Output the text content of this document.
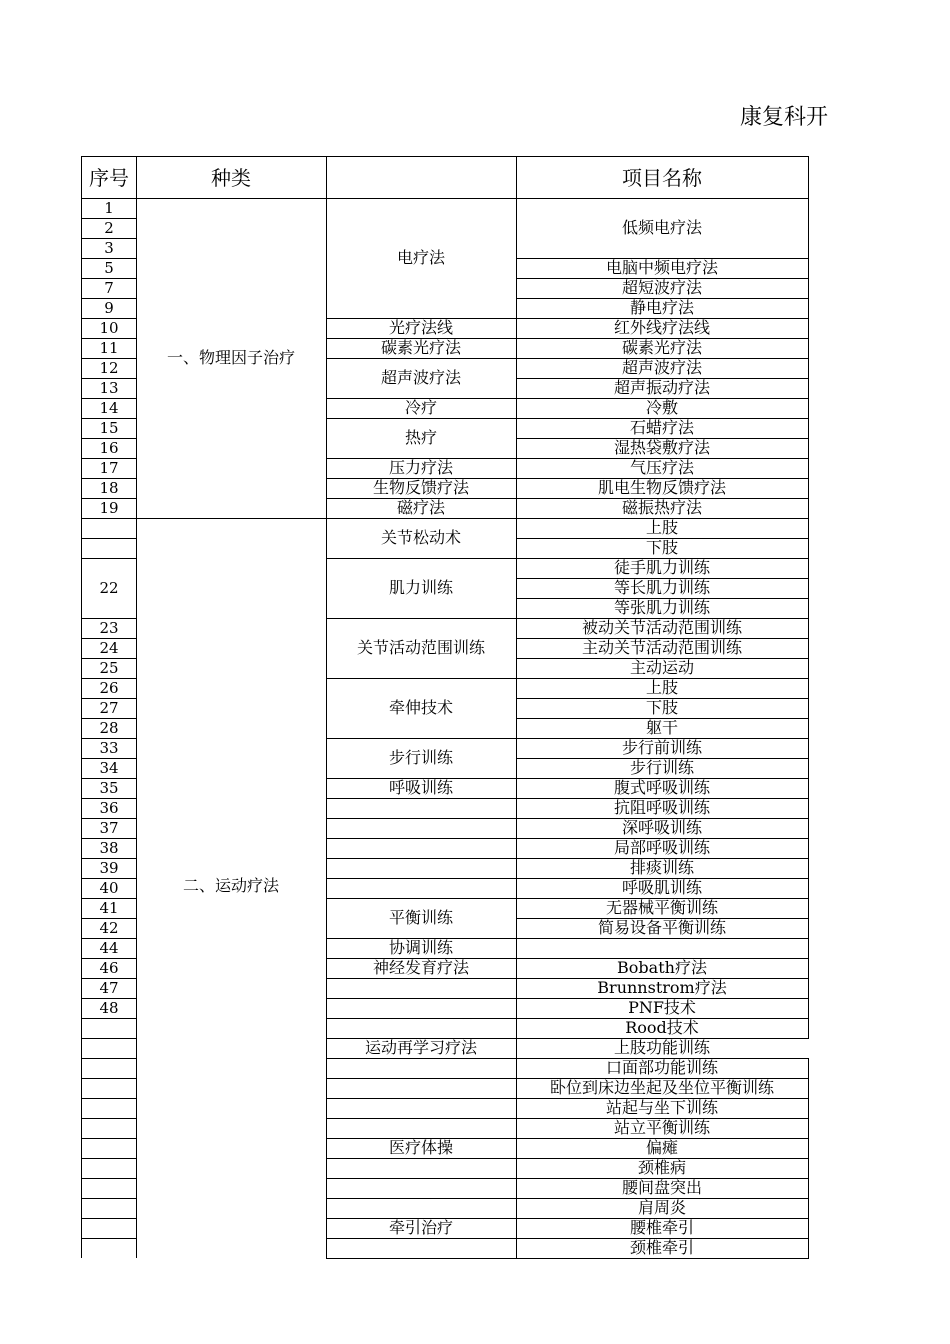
康复科开
序号	种类	项目名称
一、物理因子治疗
二、运动疗法
1
2
3
5
7
9
10
11
12
13
14
15
16
17
18
19
22
23
24
25
26
27
28
33
34
35
36
37
38
39
40
41
42
44
46
47
48
电疗法
光疗法线
碳素光疗法
超声波疗法
冷疗
热疗
压力疗法
生物反馈疗法
磁疗法
关节松动术
肌力训练
关节活动范围训练
牵伸技术
步行训练
呼吸训练
平衡训练
协调训练
神经发育疗法
运动再学习疗法
医疗体操
牵引治疗
低频电疗法
电脑中频电疗法
超短波疗法
静电疗法
红外线疗法线
碳素光疗法
超声波疗法
超声振动疗法
冷敷
石蜡疗法
湿热袋敷疗法
气压疗法
肌电生物反馈疗法
磁振热疗法
上肢
下肢
徒手肌力训练
等长肌力训练
等张肌力训练
被动关节活动范围训练
主动关节活动范围训练
主动运动
上肢
下肢
躯干
步行前训练
步行训练
腹式呼吸训练
抗阻呼吸训练
深呼吸训练
局部呼吸训练
排痰训练
呼吸肌训练
无器械平衡训练
简易设备平衡训练
Bobath疗法
Brunnstrom疗法
PNF技术
Rood技术
上肢功能训练
口面部功能训练
卧位到床边坐起及坐位平衡训练
站起与坐下训练
站立平衡训练
偏瘫
颈椎病
腰间盘突出
肩周炎
腰椎牵引
颈椎牵引
